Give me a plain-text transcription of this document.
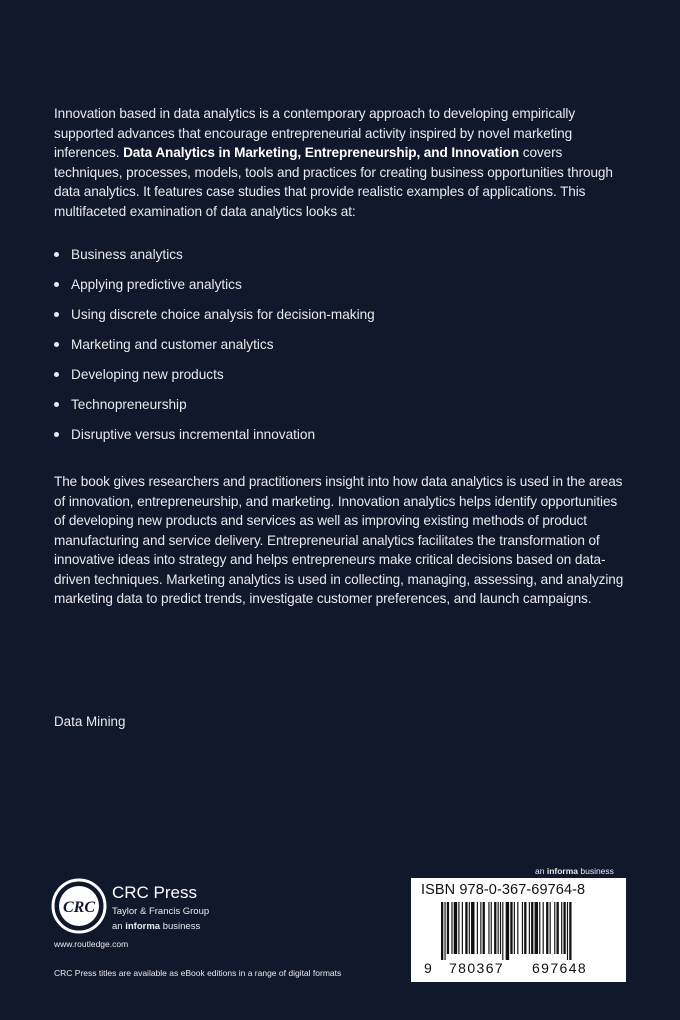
Innovation based in data analytics is a contemporary approach to developing empirically supported advances that encourage entrepreneurial activity inspired by novel marketing inferences. Data Analytics in Marketing, Entrepreneurship, and Innovation covers techniques, processes, models, tools and practices for creating business opportunities through data analytics. It features case studies that provide realistic examples of applications. This multifaceted examination of data analytics looks at:

Business analytics
Applying predictive analytics
Using discrete choice analysis for decision-making
Marketing and customer analytics
Developing new products
Technopreneurship
Disruptive versus incremental innovation

The book gives researchers and practitioners insight into how data analytics is used in the areas of innovation, entrepreneurship, and marketing. Innovation analytics helps identify opportunities of developing new products and services as well as improving existing methods of product manufacturing and service delivery. Entrepreneurial analytics facilitates the transformation of innovative ideas into strategy and helps entrepreneurs make critical decisions based on data-driven techniques. Marketing analytics is used in collecting, managing, assessing, and analyzing marketing data to predict trends, investigate customer preferences, and launch campaigns.

Data Mining
an informa business
ISBN 978-0-367-69764-8
9 780367 697648
CRC
CRC Press
Taylor & Francis Group
an informa business
www.routledge.com
CRC Press titles are available as eBook editions in a range of digital formats
